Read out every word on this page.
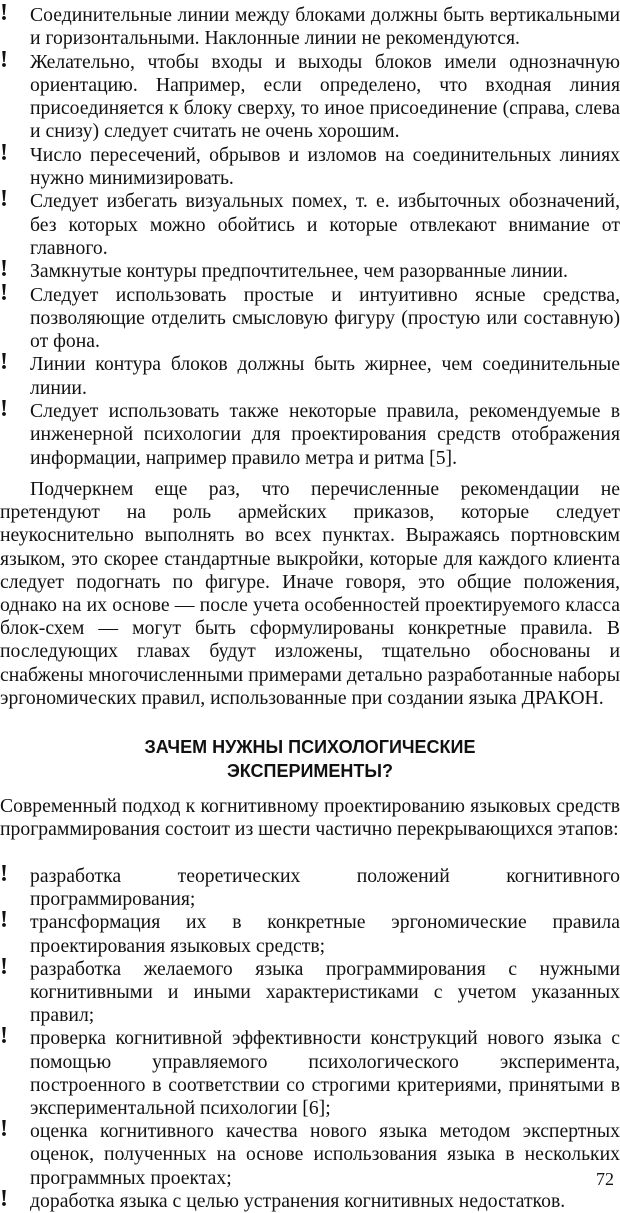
! Соединительные линии между блоками должны быть вертикальными и горизонтальными. Наклонные линии не рекомендуются.
! Желательно, чтобы входы и выходы блоков имели однозначную ориентацию. Например, если определено, что входная линия присоединяется к блоку сверху, то иное присоединение (справа, слева и снизу) следует считать не очень хорошим.
! Число пересечений, обрывов и изломов на соединительных линиях нужно минимизировать.
! Следует избегать визуальных помех, т. е. избыточных обозначений, без которых можно обойтись и которые отвлекают внимание от главного.
! Замкнутые контуры предпочтительнее, чем разорванные линии.
! Следует использовать простые и интуитивно ясные средства, позволяющие отделить смысловую фигуру (простую или составную) от фона.
! Линии контура блоков должны быть жирнее, чем соединительные линии.
! Следует использовать также некоторые правила, рекомендуемые в инженерной психологии для проектирования средств отображения информации, например правило метра и ритма [5].

Подчеркнем еще раз, что перечисленные рекомендации не претендуют на роль армейских приказов, которые следует неукоснительно выполнять во всех пунктах. Выражаясь портновским языком, это скорее стандартные выкройки, которые для каждого клиента следует подогнать по фигуре. Иначе говоря, это общие положения, однако на их основе — после учета особенностей проектируемого класса блок-схем — могут быть сформулированы конкретные правила. В последующих главах будут изложены, тщательно обоснованы и снабжены многочисленными примерами детально разработанные наборы эргономических правил, использованные при создании языка ДРАКОН.

ЗАЧЕМ НУЖНЫ ПСИХОЛОГИЧЕСКИЕ
ЭКСПЕРИМЕНТЫ?

Современный подход к когнитивному проектированию языковых средств программирования состоит из шести частично перекрывающихся этапов:

! разработка теоретических положений когнитивного программирования;
! трансформация их в конкретные эргономические правила проектирования языковых средств;
! разработка желаемого языка программирования с нужными когнитивными и иными характеристиками с учетом указанных правил;
! проверка когнитивной эффективности конструкций нового языка с помощью управляемого психологического эксперимента, построенного в соответствии со строгими критериями, принятыми в экспериментальной психологии [6];
! оценка когнитивного качества нового языка методом экспертных оценок, полученных на основе использования языка в нескольких программных проектах;
! доработка языка с целью устранения когнитивных недостатков.
72
